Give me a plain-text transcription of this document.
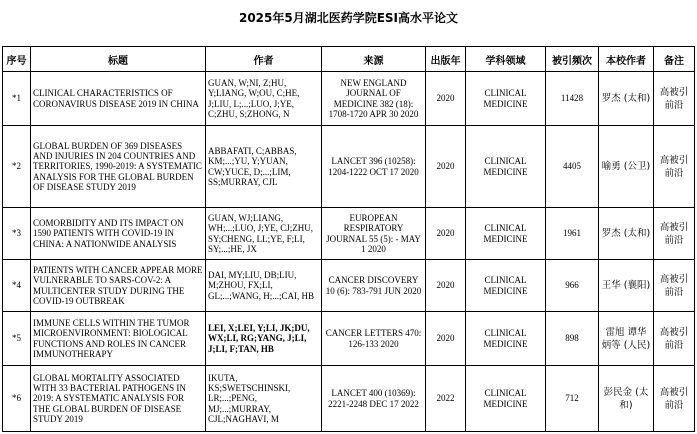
2025年5月湖北医药学院ESI高水平论文
序号	标题	作者	来源	出版年	学科领域	被引频次	本校作者	备注
*1	CLINICAL CHARACTERISTICS OF CORONAVIRUS DISEASE 2019 IN CHINA	GUAN, W;NI, Z;HU, Y;LIANG, W;OU, C;HE, J;LIU, L;...;LUO, J;YE, C;ZHU, S;ZHONG, N	NEW ENGLAND JOURNAL OF MEDICINE 382 (18): 1708-1720 APR 30 2020	2020	CLINICAL MEDICINE	11428	罗杰 (太和)	高被引 前沿
*2	GLOBAL BURDEN OF 369 DISEASES AND INJURIES IN 204 COUNTRIES AND TERRITORIES, 1990-2019: A SYSTEMATIC ANALYSIS FOR THE GLOBAL BURDEN OF DISEASE STUDY 2019	ABBAFATI, C;ABBAS, KM;...;YU, Y;YUAN, CW;YUCE, D;...;LIM, SS;MURRAY, CJL	LANCET 396 (10258): 1204-1222 OCT 17 2020	2020	CLINICAL MEDICINE	4405	喻勇 (公卫)	高被引 前沿
*3	COMORBIDITY AND ITS IMPACT ON 1590 PATIENTS WITH COVID-19 IN CHINA: A NATIONWIDE ANALYSIS	GUAN, WJ;LIANG, WH;...;LUO, J;YE, CJ;ZHU, SY;CHENG, LL;YE, F;LI, SY;...;HE, JX	EUROPEAN RESPIRATORY JOURNAL 55 (5): - MAY 1 2020	2020	CLINICAL MEDICINE	1961	罗杰 (太和)	高被引 前沿
*4	PATIENTS WITH CANCER APPEAR MORE VULNERABLE TO SARS-COV-2: A MULTICENTER STUDY DURING THE COVID-19 OUTBREAK	DAI, MY;LIU, DB;LIU, M;ZHOU, FX;LI, GL;...;WANG, H;...;CAI, HB	CANCER DISCOVERY 10 (6): 783-791 JUN 2020	2020	CLINICAL MEDICINE	966	王华 (襄阳)	高被引 前沿
*5	IMMUNE CELLS WITHIN THE TUMOR MICROENVIRONMENT: BIOLOGICAL FUNCTIONS AND ROLES IN CANCER IMMUNOTHERAPY	LEI, X;LEI, Y;LI, JK;DU, WX;LI, RG;YANG, J;LI, J;LI, F;TAN, HB	CANCER LETTERS 470: 126-133 2020	2020	CLINICAL MEDICINE	898	雷旭 谭华炳等 (人民)	高被引 前沿
*6	GLOBAL MORTALITY ASSOCIATED WITH 33 BACTERIAL PATHOGENS IN 2019: A SYSTEMATIC ANALYSIS FOR THE GLOBAL BURDEN OF DISEASE STUDY 2019	IKUTA, KS;SWETSCHINSKI, LR;...;PENG, MJ;...;MURRAY, CJL;NAGHAVI, M	LANCET 400 (10369): 2221-2248 DEC 17 2022	2022	CLINICAL MEDICINE	712	彭民金 (太和)	高被引 前沿
